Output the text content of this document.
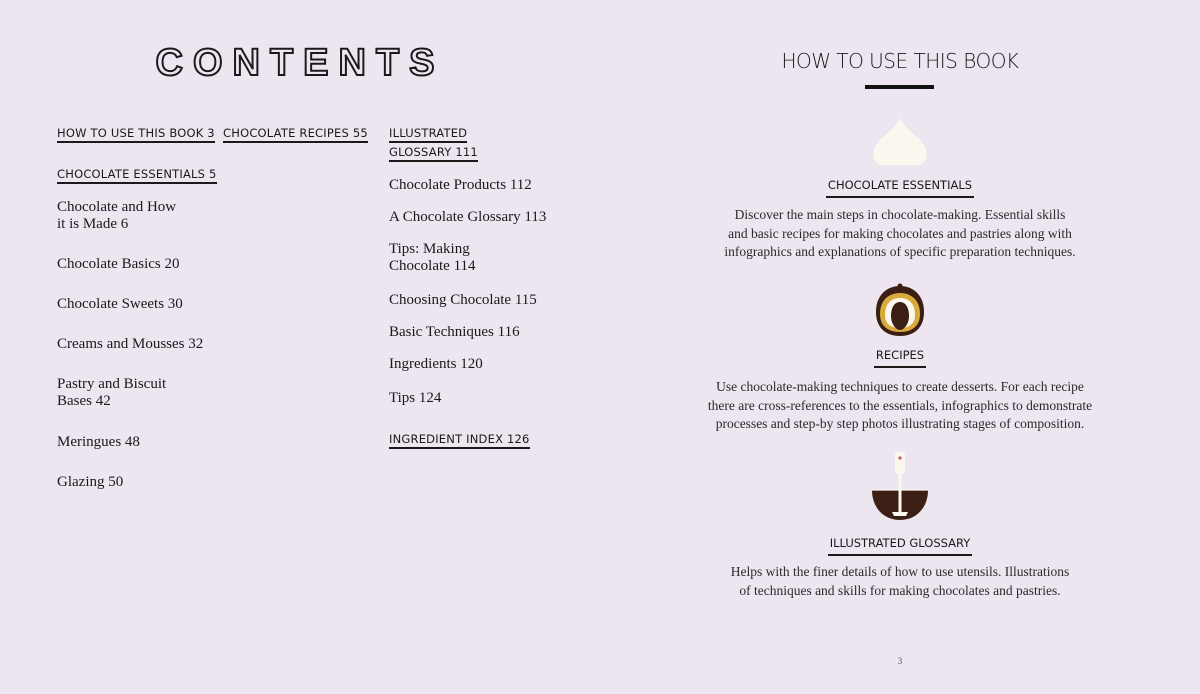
CONTENTS
HOW TO USE THIS BOOK 3
CHOCOLATE ESSENTIALS 5
Chocolate and How
it is Made 6
Chocolate Basics 20
Chocolate Sweets 30
Creams and Mousses 32
Pastry and Biscuit
Bases 42
Meringues 48
Glazing 50
CHOCOLATE RECIPES 55 ILLUSTRATED
GLOSSARY 111
Chocolate Products 112
A Chocolate Glossary 113
Tips: Making
Chocolate 114
Choosing Chocolate 115
Basic Techniques 116
Ingredients 120
Tips 124
INGREDIENT INDEX 126
HOW TO USE THIS BOOK
CHOCOLATE ESSENTIALS
Discover the main steps in chocolate-making. Essential skills
and basic recipes for making chocolates and pastries along with
infographics and explanations of specific preparation techniques.
RECIPES
Use chocolate-making techniques to create desserts. For each recipe
there are cross-references to the essentials, infographics to demonstrate
processes and step-by step photos illustrating stages of composition.
ILLUSTRATED GLOSSARY
Helps with the finer details of how to use utensils. Illustrations
of techniques and skills for making chocolates and pastries.
3
